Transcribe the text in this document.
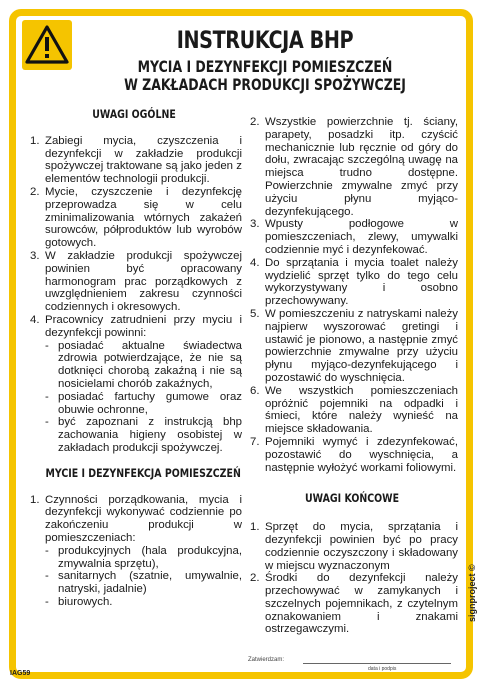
INSTRUKCJA BHP
MYCIA I DEZYNFEKCJI POMIESZCZEŃ
W ZAKŁADACH PRODUKCJI SPOŻYWCZEJ
UWAGI OGÓLNE
1. Zabiegi mycia, czyszczenia i dezynfekcji w zakładzie produkcji spożywczej traktowane są jako jeden z elementów technologii produkcji.
2. Mycie, czyszczenie i dezynfekcję przeprowadza się w celu zminimalizowania wtórnych zakażeń surowców, półproduktów lub wyrobów gotowych.
3. W zakładzie produkcji spożywczej powinien być opracowany harmonogram prac porządkowych z uwzględnieniem zakresu czynności codziennych i okresowych.
4. Pracownicy zatrudnieni przy myciu i dezynfekcji powinni:
- posiadać aktualne świadectwa zdrowia potwierdzające, że nie są dotknięci chorobą zakaźną i nie są nosicielami chorób zakaźnych,
- posiadać fartuchy gumowe oraz obuwie ochronne,
- być zapoznani z instrukcją bhp zachowania higieny osobistej w zakładach produkcji spożywczej.
MYCIE I DEZYNFEKCJA POMIESZCZEŃ
1. Czynności porządkowania, mycia i dezynfekcji wykonywać codziennie po zakończeniu produkcji w pomieszczeniach:
- produkcyjnych (hala produkcyjna, zmywalnia sprzętu),
- sanitarnych (szatnie, umywalnie, natryski, jadalnie)
- biurowych.
2. Wszystkie powierzchnie tj. ściany, parapety, posadzki itp. czyścić mechanicznie lub ręcznie od góry do dołu, zwracając szczególną uwagę na miejsca trudno dostępne. Powierzchnie zmywalne zmyć przy użyciu płynu myjąco-dezynfekującego.
3. Wpusty podłogowe w pomieszczeniach, zlewy, umywalki codziennie myć i dezynfekować.
4. Do sprzątania i mycia toalet należy wydzielić sprzęt tylko do tego celu wykorzystywany i osobno przechowywany.
5. W pomieszczeniu z natryskami należy najpierw wyszorować gretingi i ustawić je pionowo, a następnie zmyć powierzchnie zmywalne przy użyciu płynu myjąco-dezynfekującego i pozostawić do wyschnięcia.
6. We wszystkich pomieszczeniach opróżnić pojemniki na odpadki i śmieci, które należy wynieść na miejsce składowania.
7. Pojemniki wymyć i zdezynfekować, pozostawić do wyschnięcia, a następnie wyłożyć workami foliowymi.
UWAGI KOŃCOWE
1. Sprzęt do mycia, sprzątania i dezynfekcji powinien być po pracy codziennie oczyszczony i składowany w miejscu wyznaczonym
2. Środki do dezynfekcji należy przechowywać w zamykanych i szczelnych pojemnikach, z czytelnym oznakowaniem i znakami ostrzegawczymi.
Zatwierdzam:
data i podpis
signproject ©
IAG59
